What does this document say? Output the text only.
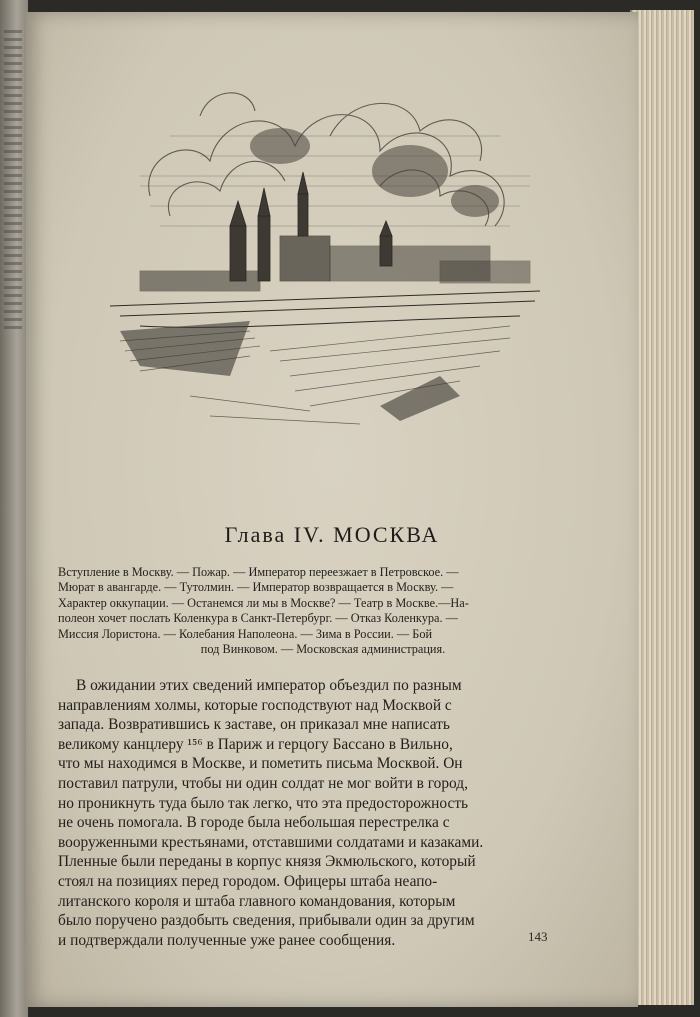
Глава IV. МОСКВА
Вступление в Москву. — Пожар. — Император переезжает в Петровское. —
Мюрат в авангарде. — Тутолмин. — Император возвращается в Москву. —
Характер оккупации. — Останемся ли мы в Москве? — Театр в Москве.—На-
полеон хочет послать Коленкура в Санкт-Петербург. — Отказ Коленкура. —
Миссия Лористона. — Колебания Наполеона. — Зима в России. — Бой
под Винковом. — Московская администрация.
В ожидании этих сведений император объездил по разным
направлениям холмы, которые господствуют над Москвой с
запада. Возвратившись к заставе, он приказал мне написать
великому канцлеру ¹⁵⁶ в Париж и герцогу Бассано в Вильно,
что мы находимся в Москве, и пометить письма Москвой. Он
поставил патрули, чтобы ни один солдат не мог войти в город,
но проникнуть туда было так легко, что эта предосторожность
не очень помогала. В городе была небольшая перестрелка с
вооруженными крестьянами, отставшими солдатами и казаками.
Пленные были переданы в корпус князя Экмюльского, который
стоял на позициях перед городом. Офицеры штаба неапо-
литанского короля и штаба главного командования, которым
было поручено раздобыть сведения, прибывали один за другим
и подтверждали полученные уже ранее сообщения.	143
